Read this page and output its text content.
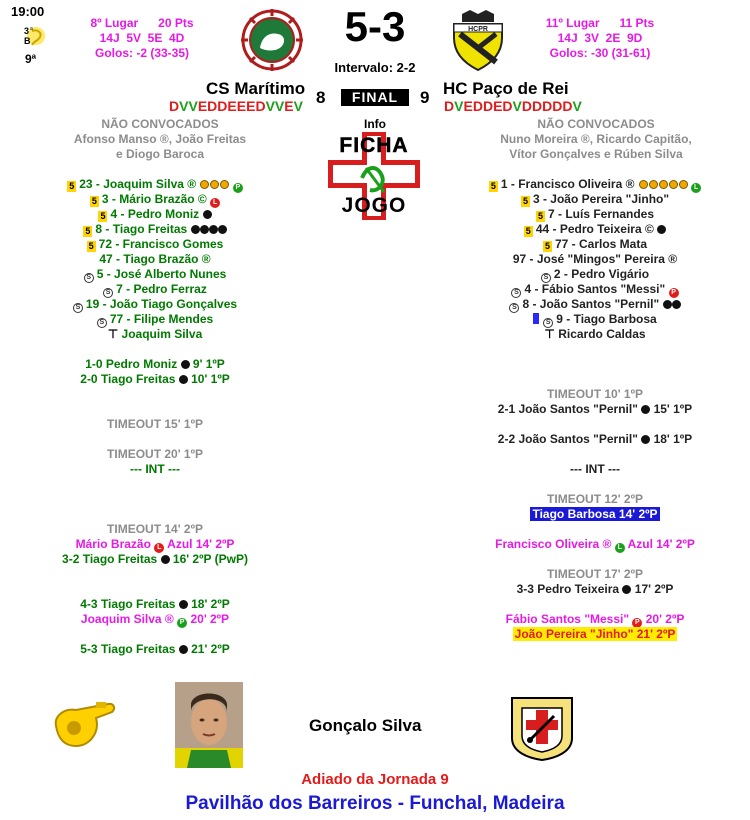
19:00
3
B
a
9ª
8º Lugar      20 Pts
14J  5V  5E  4D
Golos: -2 (33-35)
5-3
Intervalo: 2-2
HCPR	11º Lugar      11 Pts
14J  3V  2E  9D
Golos: -30 (31-61)
CS Marítimo	HC Paço de Rei
8	FINAL	9
DVVEDDEEEDVVEV	DVEDDEDVDDDDDV
Info
FICHA
JOGO
NÃO CONVOCADOS
Afonso Manso ®, João Freitas
e Diogo Baroca
NÃO CONVOCADOS
Nuno Moreira ®, Ricardo Capitão,
Vítor Gonçalves e Rúben Silva
5 23 - Joaquim Silva ®	P
5 3 - Mário Brazão © L
5 4 - Pedro Moniz
5 8 - Tiago Freitas
5 72 - Francisco Gomes
47 - Tiago Brazão ®
S 5 - José Alberto Nunes
S 7 - Pedro Ferraz
S 19 - João Tiago Gonçalves
S 77 - Filipe Mendes
⊤ Joaquim Silva
5 1 - Francisco Oliveira ®	L
5 3 - João Pereira "Jinho"
5 7 - Luís Fernandes
5 44 - Pedro Teixeira ©
5 77 - Carlos Mata
97 - José "Mingos" Pereira ®
S 2 - Pedro Vigário
S 4 - Fábio Santos "Messi" P
S 8 - João Santos "Pernil"
S 9 - Tiago Barbosa
⊤ Ricardo Caldas
1-0 Pedro Moniz 9' 1ºP
2-0 Tiago Freitas 10' 1ºP
TIMEOUT 15' 1ºP
TIMEOUT 20' 1ºP
--- INT ---
TIMEOUT 14' 2ºP
Mário Brazão L Azul 14' 2ºP
3-2 Tiago Freitas 16' 2ºP (PwP)
4-3 Tiago Freitas 18' 2ºP
Joaquim Silva ® P 20' 2ºP
5-3 Tiago Freitas 21' 2ºP
TIMEOUT 10' 1ºP
2-1 João Santos "Pernil" 15' 1ºP
2-2 João Santos "Pernil" 18' 1ºP
--- INT ---
TIMEOUT 12' 2ºP
Tiago Barbosa 14' 2ºP
Francisco Oliveira ® L Azul 14' 2ºP
TIMEOUT 17' 2ºP
3-3 Pedro Teixeira 17' 2ºP
Fábio Santos "Messi" P 20' 2ºP
João Pereira "Jinho" 21' 2ºP
Gonçalo Silva
Adiado da Jornada 9
Pavilhão dos Barreiros - Funchal, Madeira
